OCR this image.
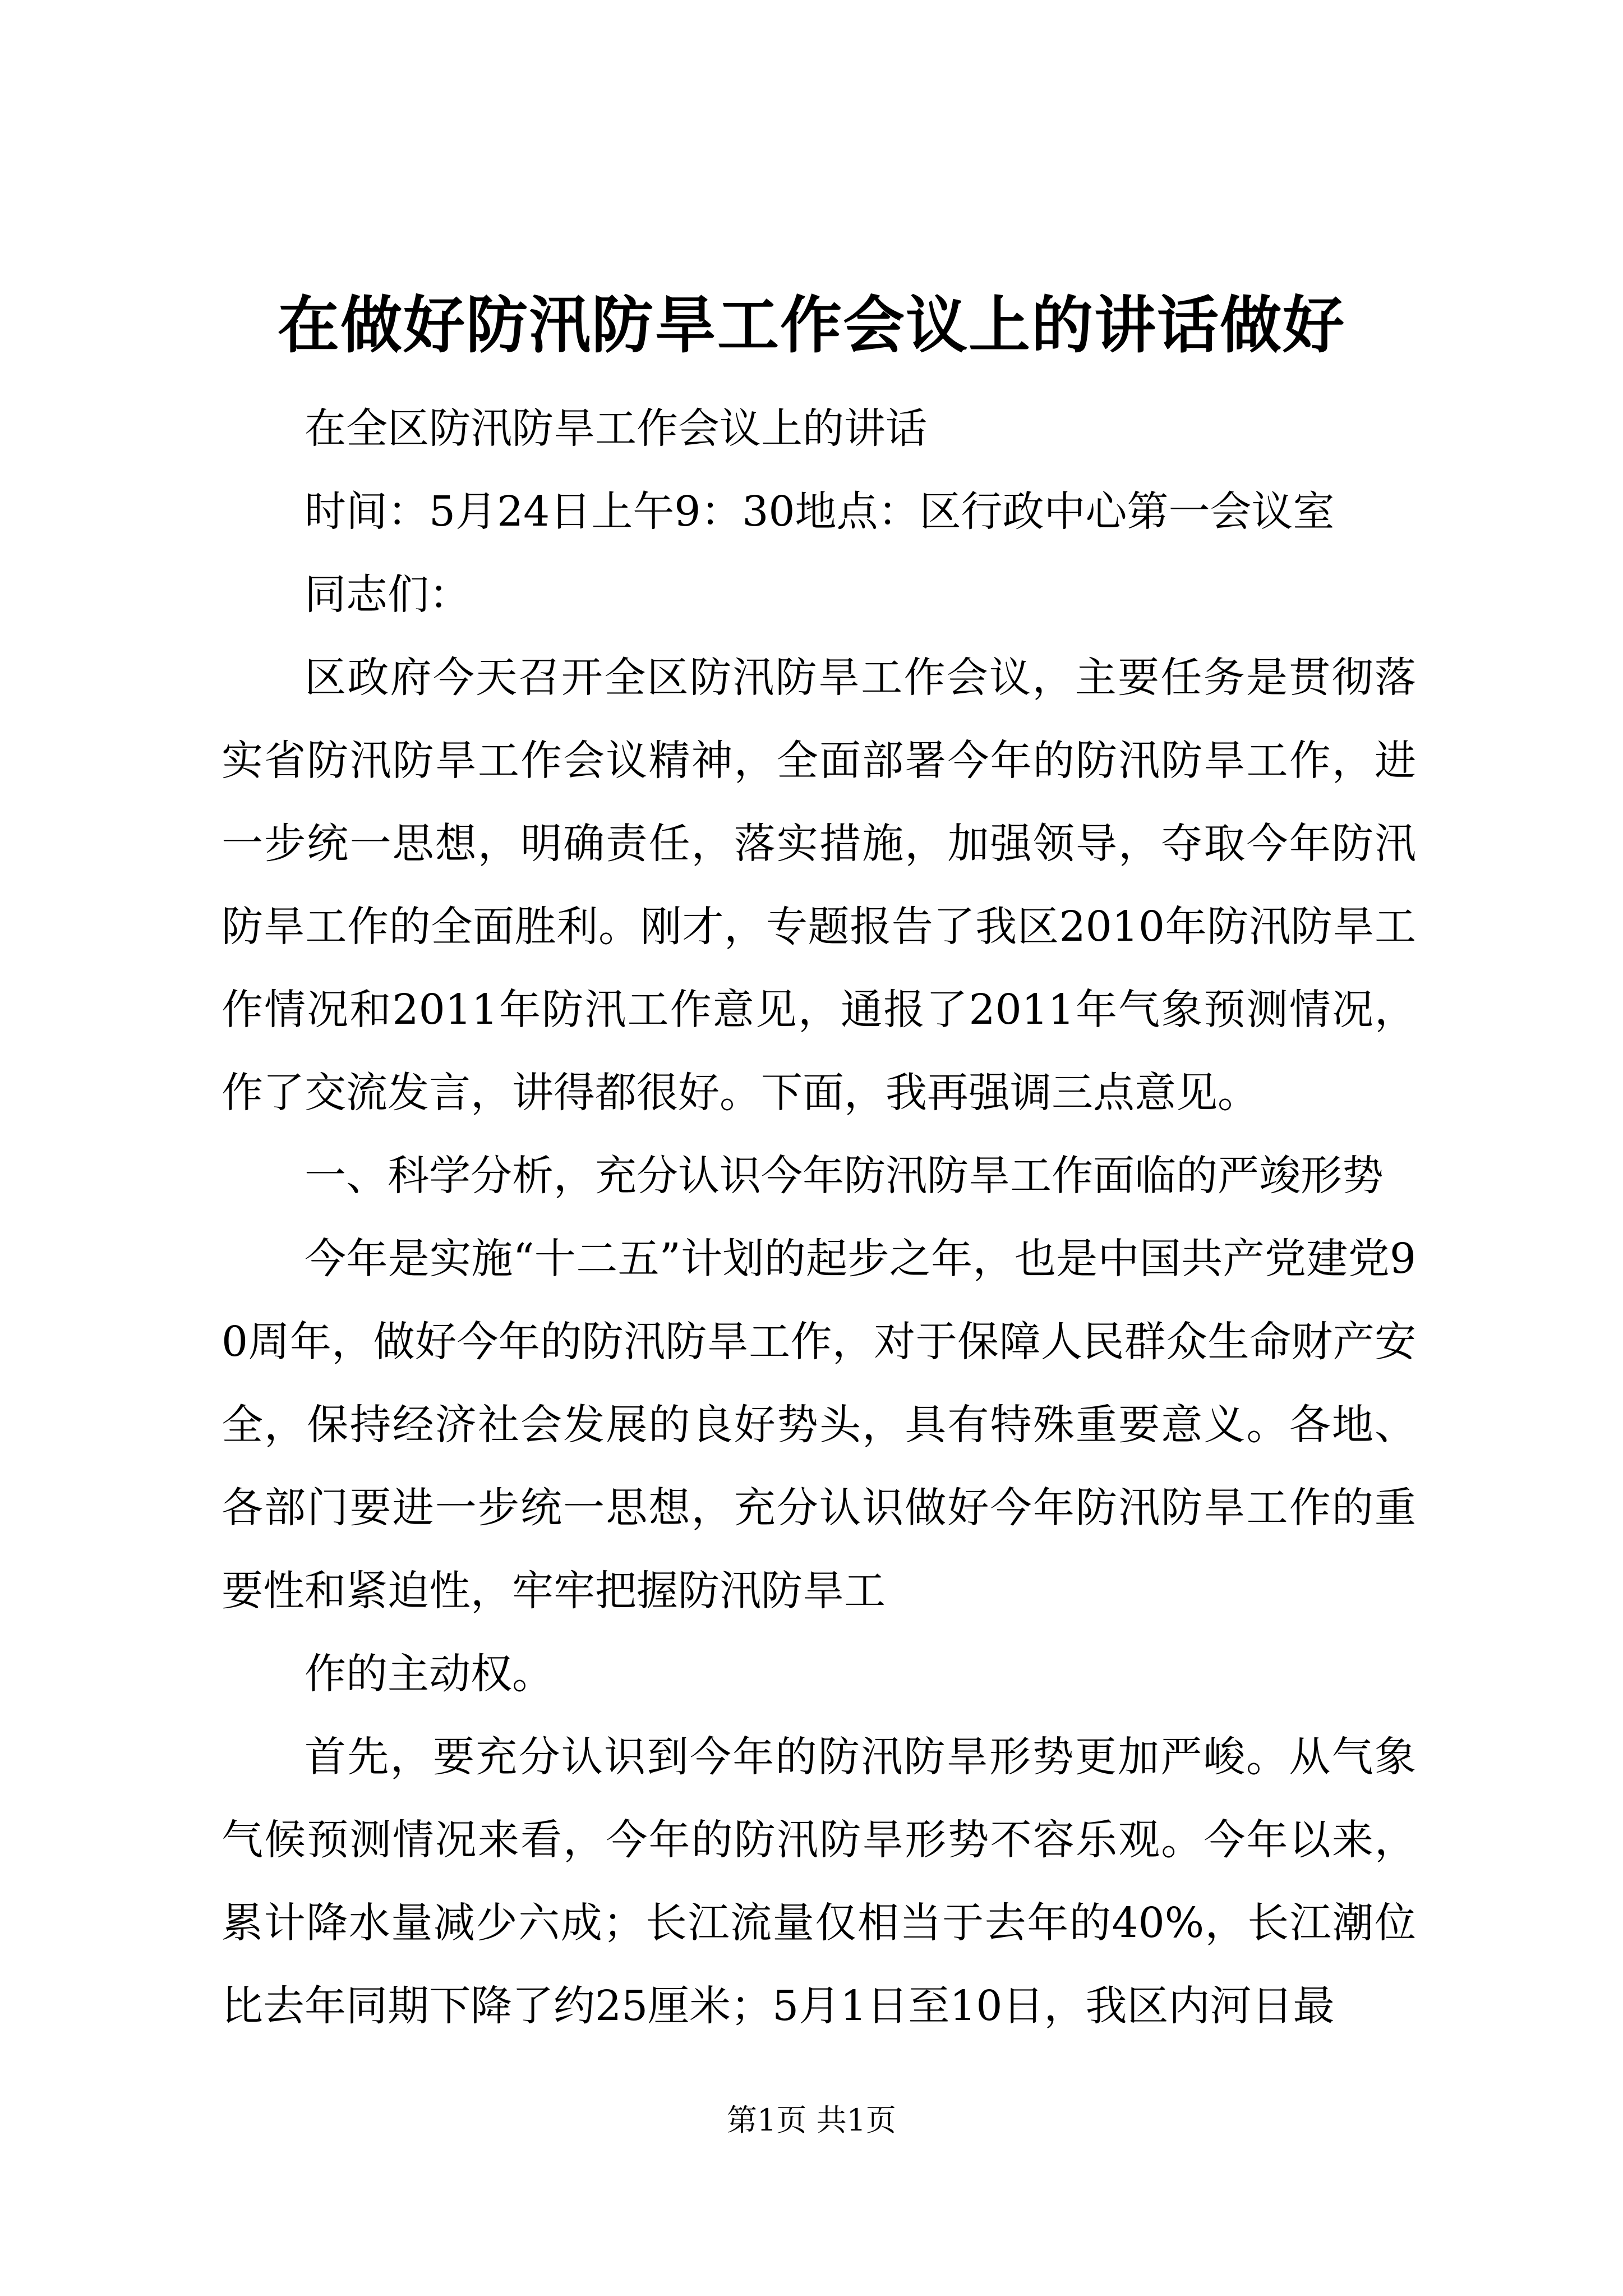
在做好防汛防旱工作会议上的讲话做好

在全区防汛防旱工作会议上的讲话

时间：5月24日上午9：30地点：区行政中心第一会议室

同志们：

区政府今天召开全区防汛防旱工作会议，主要任务是贯彻落实省防汛防旱工作会议精神，全面部署今年的防汛防旱工作，进一步统一思想，明确责任，落实措施，加强领导，夺取今年防汛防旱工作的全面胜利。刚才，专题报告了我区2010年防汛防旱工作情况和2011年防汛工作意见，通报了2011年气象预测情况，作了交流发言，讲得都很好。下面，我再强调三点意见。

一、科学分析，充分认识今年防汛防旱工作面临的严竣形势

今年是实施“十二五”计划的起步之年，也是中国共产党建党90周年，做好今年的防汛防旱工作，对于保障人民群众生命财产安全，保持经济社会发展的良好势头，具有特殊重要意义。各地、各部门要进一步统一思想，充分认识做好今年防汛防旱工作的重要性和紧迫性，牢牢把握防汛防旱工

作的主动权。

首先，要充分认识到今年的防汛防旱形势更加严峻。从气象气候预测情况来看，今年的防汛防旱形势不容乐观。今年以来，累计降水量减少六成；长江流量仅相当于去年的40%，长江潮位比去年同期下降了约25厘米；5月1日至10日，我区内河日最

第1页 共1页
